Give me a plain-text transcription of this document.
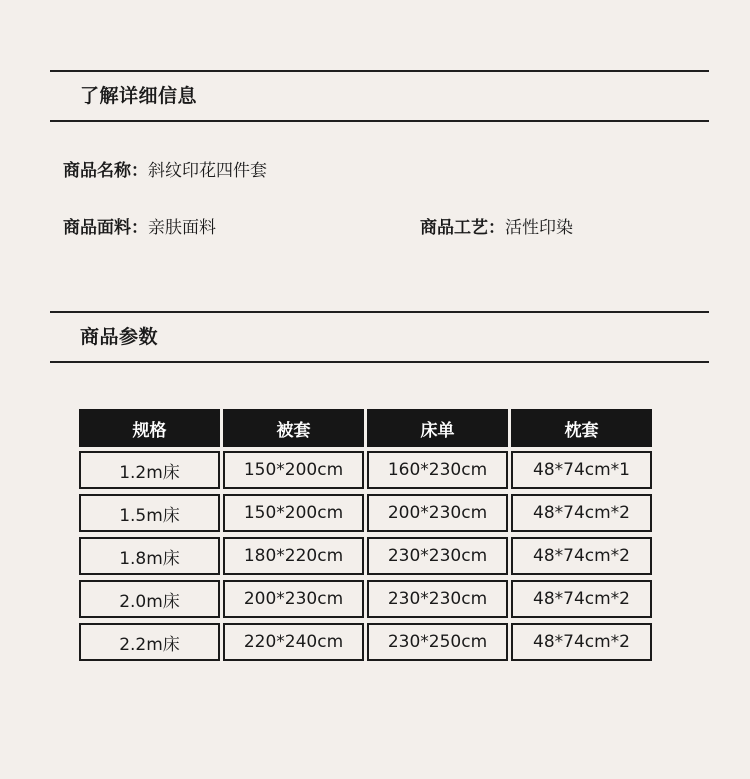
了解详细信息
商品名称：斜纹印花四件套
商品面料：亲肤面料	商品工艺：活性印染
商品参数
规格	被套	床单	枕套
1.2m床	150*200cm	160*230cm	48*74cm*1
1.5m床	150*200cm	200*230cm	48*74cm*2
1.8m床	180*220cm	230*230cm	48*74cm*2
2.0m床	200*230cm	230*230cm	48*74cm*2
2.2m床	220*240cm	230*250cm	48*74cm*2
